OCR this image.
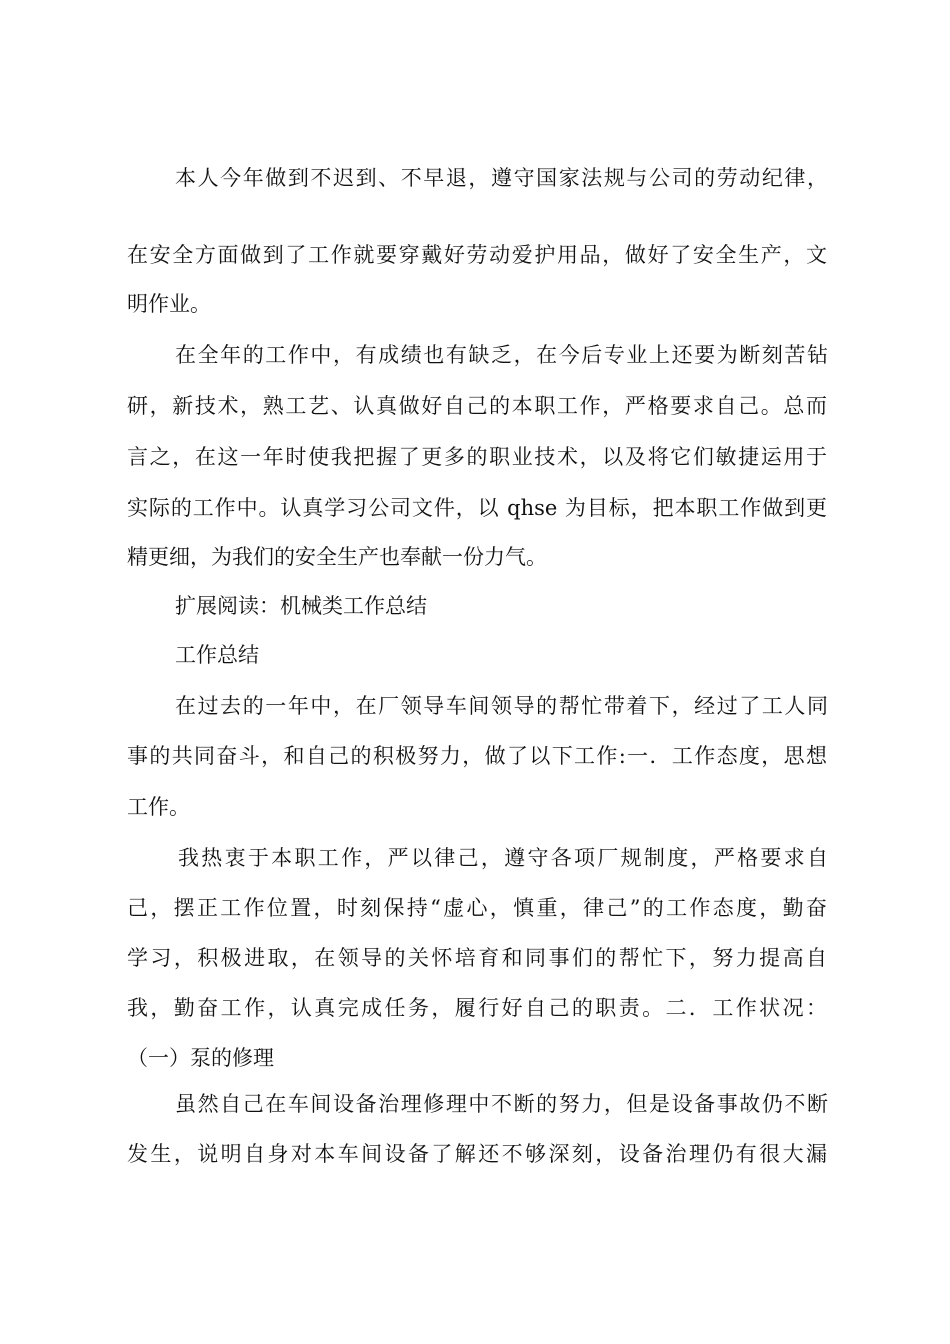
本人今年做到不迟到、不早退，遵守国家法规与公司的劳动纪律，
在安全方面做到了工作就要穿戴好劳动爱护用品，做好了安全生产，文
明作业。
在全年的工作中，有成绩也有缺乏，在今后专业上还要为断刻苦钻
研，新技术，熟工艺、认真做好自己的本职工作，严格要求自己。总而
言之，在这一年时使我把握了更多的职业技术，以及将它们敏捷运用于
实际的工作中。认真学习公司文件，以 qhse 为目标，把本职工作做到更
精更细，为我们的安全生产也奉献一份力气。
扩展阅读：机械类工作总结
工作总结
在过去的一年中，在厂领导车间领导的帮忙带着下，经过了工人同
事的共同奋斗，和自己的积极努力，做了以下工作:一．工作态度，思想
工作。
我热衷于本职工作，严以律己，遵守各项厂规制度，严格要求自
己，摆正工作位置，时刻保持“虚心，慎重，律己”的工作态度，勤奋
学习，积极进取，在领导的关怀培育和同事们的帮忙下，努力提高自
我，勤奋工作，认真完成任务，履行好自己的职责。二．工作状况：
（一）泵的修理
虽然自己在车间设备治理修理中不断的努力，但是设备事故仍不断
发生，说明自身对本车间设备了解还不够深刻，设备治理仍有很大漏
